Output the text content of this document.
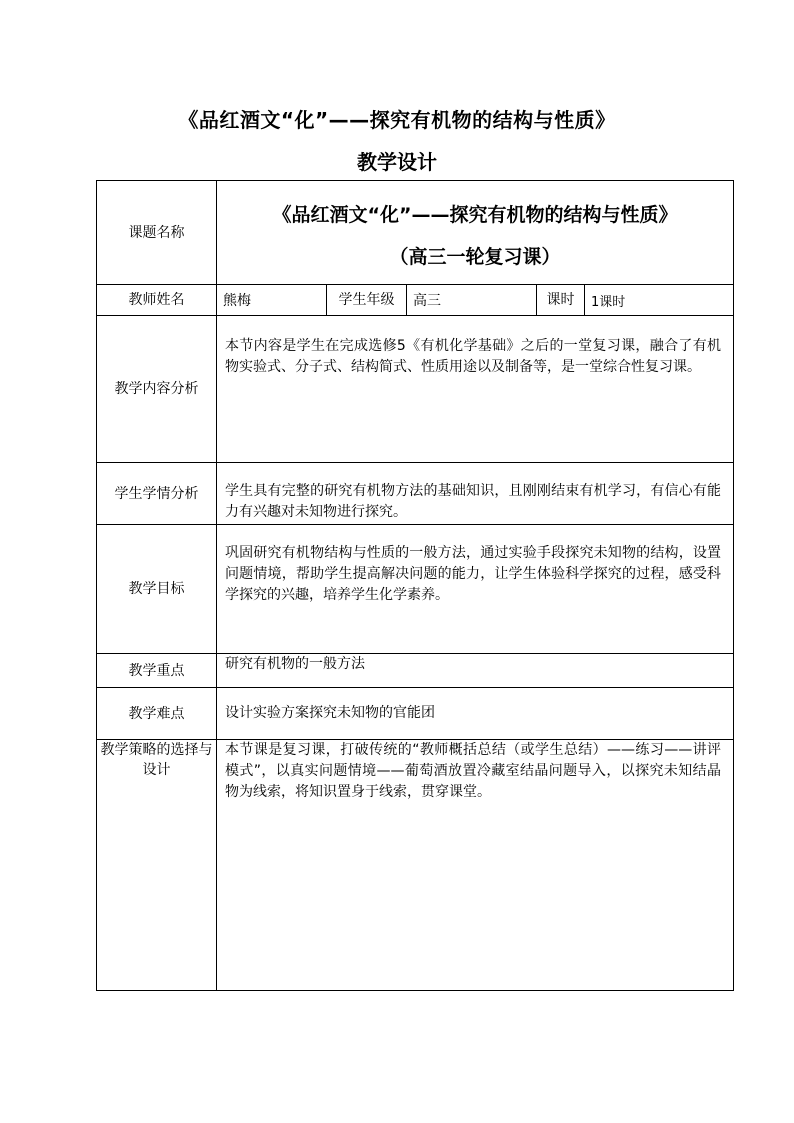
《品红酒文“化”——探究有机物的结构与性质》
教学设计
课题名称	《品红酒文“化”——探究有机物的结构与性质》
（高三一轮复习课）				

教师姓名	熊梅	学生年级	高三	课时	1课时
教学内容分析	本节内容是学生在完成选修5《有机化学基础》之后的一堂复习课，融合了有机物实验式、分子式、结构简式、性质用途以及制备等，是一堂综合性复习课。				
学生学情分析	学生具有完整的研究有机物方法的基础知识，且刚刚结束有机学习，有信心有能力有兴趣对未知物进行探究。				
教学目标	巩固研究有机物结构与性质的一般方法，通过实验手段探究未知物的结构，设置问题情境，帮助学生提高解决问题的能力，让学生体验科学探究的过程，感受科学探究的兴趣，培养学生化学素养。				
教学重点	研究有机物的一般方法				
教学难点	设计实验方案探究未知物的官能团				
教学策略的选择与设计	本节课是复习课，打破传统的“教师概括总结（或学生总结）——练习——讲评模式”，以真实问题情境——葡萄酒放置冷藏室结晶问题导入，以探究未知结晶物为线索，将知识置身于线索，贯穿课堂。				
